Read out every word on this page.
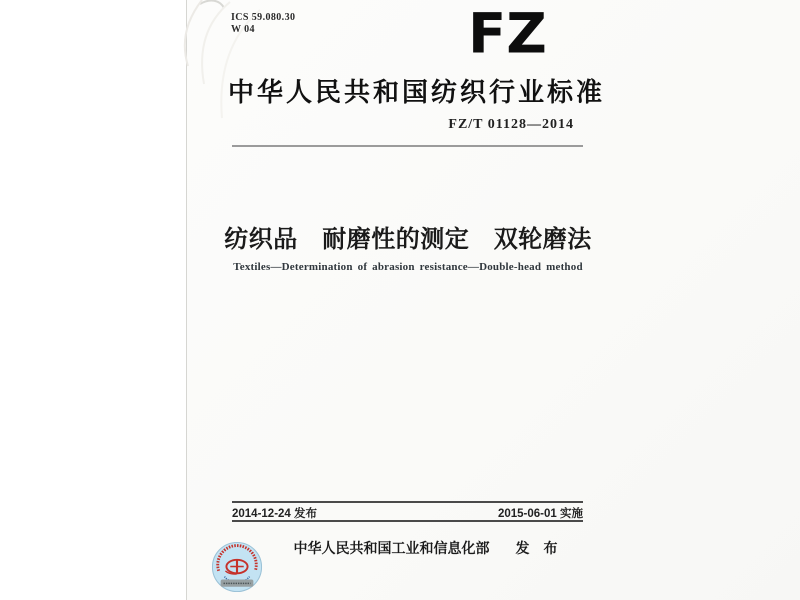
ICS 59.080.30
W 04	FZ
中华人民共和国纺织行业标准
FZ/T 01128—2014
纺织品　耐磨性的测定　双轮磨法
Textiles—Determination of abrasion resistance—Double-head method
2014-12-24 发布	2015-06-01 实施
中华人民共和国工业和信息化部 发　布
